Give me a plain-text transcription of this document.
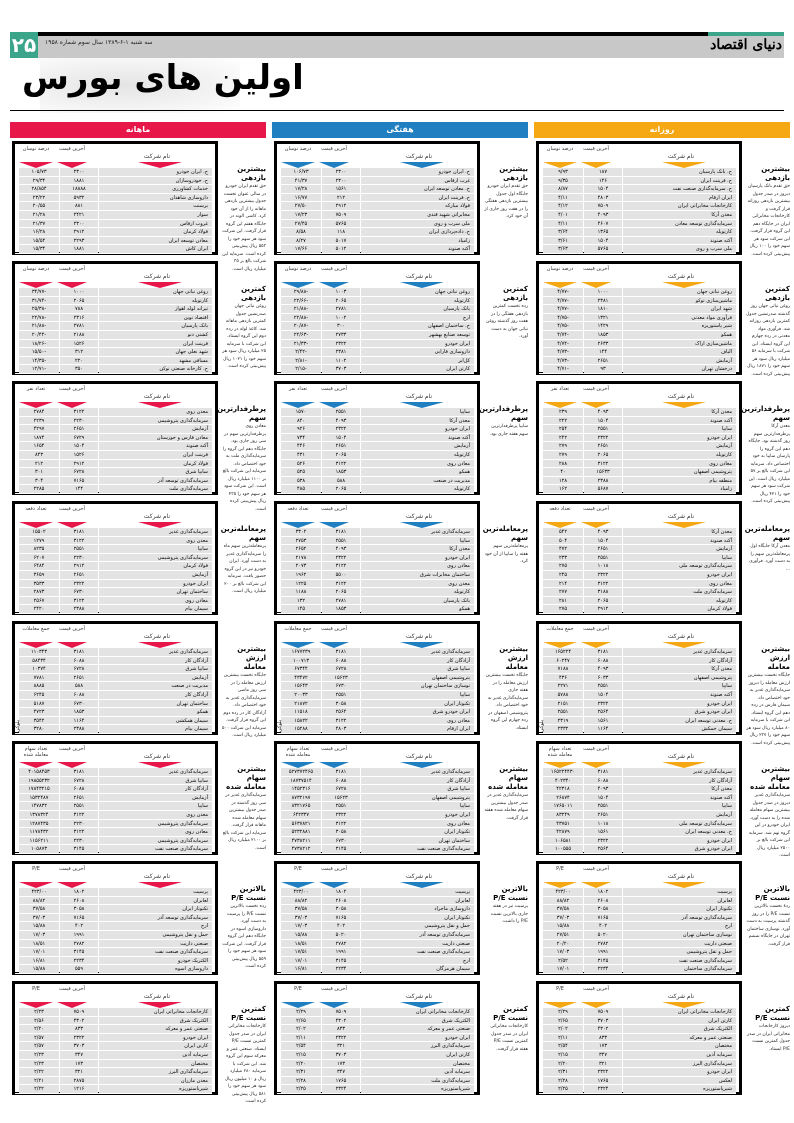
۲۵ سه شنبه ۱-۶-۱۳۸۹ سال سوم شماره ۱۹۵۸	دنیای اقتصاد
اولین های بورس
روزانه
نام شرکت
آخرین قیمت
درصد نوسان
ح. بانک پارسیان
۱۸۷
۹/۹۳
ح. فرینت ایران
۱۴۶
۹/۳۵
ح. سرمایه‌گذاری صنعت نفت
۱۵۰۴
۸/۸۷
ایران ارقام
۴۸۰۳
۴/۱۱
کارخانجات مخابراتی ایران
۷۵۰۹
۴/۱۲
معدن آرکا
۴۰۹۳
۴/۰۱
سرمایه‌گذاری توسعه معادن
۴۶۰۷
۴/۱۱
کارتوپله
۱۳۶۵
۳/۶۴
آکنه صنوند
۱۵۰۴
۳/۶۱
ملی سرب و روی
۵۷۶۵
۳/۶۳
بیشترین بازدهی
حق تقدم بانک پارسیان دیروز در صدر جدول بیشترین بازدهی روزانه قرار گرفت و کارخانجات مخابراتی ایران در جایگاه دهم این گروه قرار گرفت. این سرکت سود هر سهم خود را ۱۰۰ ریال پیش‌بینی کرده است.
نام شرکت
آخرین قیمت
درصد نوسان
روغن نباتی جهان
۱۰۰۰
-۴/۷۷
ماشین‌سازی توکو
۲۳۸۱
-۴/۷۷
شهد ایران
۱۸۱۰
-۴/۷۷
فرآوری مواد معدنی
۱۳۲۱
-۴/۷۵
شیر پاستوریزه
۱۴۲۹
-۴/۷۵
همکو
۱۸۵۳
-۴/۷۴
ماشین‌سازی اراک
۲۶۳۳
-۴/۷۴
الیاف
۱۴۴
-۴/۷۳
آزمایش
۲۶۵۱
-۴/۷۳
درخشان تهران
۹۳
-۴/۷۱
کمترین بازدهی
روغن نباتی جهان روز گذشته صدرنشین جدول کمترین بازدهی روزانه شد. فرآوری مواد معدنی در رده چهارم این گروه ایستاد. این شرکت با سرمایه ۵۶ میلیارد ریال سود هر سهم خود را ۱۸۷۱ ریال پیش‌بینی کرده است.
نام شرکت
آخرین قیمت
تعداد نفر
معدن آرکا
۴۰۹۳
۲۳۹
آکنه صنوند
۱۵۰۴
۲۲۲
سایپا
۲۵۵۱
۲۵۴
ایران خودرو
۲۳۲۲
۲۴۲
آزمایش
۲۶۵۱
۲۷۹
کارتوپله
۲۰۶۵
۲۷۹
معادن روی
۳۱۲۲
۲۸۸
پتروشیمی اصفهان
۱۵۶۳۳
۴۰
منطقه بیام
۲۳۸۸
۱۲۸
زامیاد
۵۶۸۷
۱۶۲
پرطرفدارترین سهم
معدن آرکا پرطرفدارترین سهم روز گذشته بود. جایگاه دهم این گروه را پارسان سایپا به خود اختصاص داد. سرمایه این شرکت بالغ بر ۵۷ میلیارد ریال است. این شرکت سود هر سهم خود را ۴۲۱ ریال پیش‌بینی کرده است.
نام شرکت
آخرین قیمت
تعداد دفعه
معدن آرکا
۴۰۹۳
۵۴۲
آکنه صنوند
۱۵۰۴
۵۰۴
آزمایش
۲۶۵۱
۴۷۲
سایپا
۲۵۵۱
۲۳۳
سرمایه‌گذاری توسعه ملی
۱۰۱۸
۲۷۵
ایران خودرو
۲۳۲۲
۲۴۵
معادن روی
۳۱۲۲
۲۱۴
سرمایه‌گذاری ملت
۳۱۸۸
۲۷۷
کارتوپله
۲۰۶۵
۲۸۱
فولاد کرمان
۲۹۱۲
۲۷۵
پرمعامله‌ترین سهم
معدن آرکا جایگاه اول پرمعامله‌ترین سهم را به دست آورد. فرآوری ...
نام شرکت
آخرین قیمت
جمع معاملات
سرمایه‌گذاری غدیر
۳۱۸۱
۱۶۵۲۲۴
آزادگان کار
۶۰۸۸
۶۰۲۴۷
معدن آرکا
۴۰۹۳
۷۱۸۸
پتروشیمی اصفهان
۶۰۳۳
۴۳۶
سایپا
۲۵۵۱
۲۲۷۱
آکنه صنوند
۱۵۰۴
۵۷۸۸
ایران خودرو
۲۳۲۲
۲۱۵۱
ایران خودرو شرق
۲۵۶۴
۲۵۵۱
ح. معدنی توسعه ایران
۱۵۶۱
۲۳۱۹
سیمان خمکش
۱۱۶۴
۲۳۳۲
بلوکی
بیشترین ارزش معامله
جایگاه نخست بیشترین ارزش معامله را دیروز سرمایه‌گذاری غدیر به خود اختصاص داد. سیمان فارس در رده دهم این گروه ایستاد. این شرکت با سرمایه ۸۰ میلیارد ریال سود هر سهم خود را ۲۳۷ ریال پیش‌بینی کرده است.
نام شرکت
آخرین قیمت
تعداد سهام معامله شده
سرمایه‌گذاری غدیر
۳۱۸۱
۱۶۵۲۲۴۴۳۰
آزادگان کار
۶۰۸۸
۴۰۲۳۴۰
معدن آرکا
۴۰۹۳
۴۲۳۱۸
آکنه صنوند
۱۵۰۴
۲۶۸۷۴
سایپا
۲۵۵۱
۱۷۶۵۰۱۱
آزمایش
۲۶۵۱
۸۳۲۴۹
سرمایه‌گذاری توسعه ملی
۱۰۱۸
۴۳۷۵۱
ح. معدنی توسعه ایران
۱۵۶۱
۴۲۸۷۹
ایران خودرو
۲۳۲۲
۱۰۶۵۸۱
ایران خودرو شرق
۲۵۶۴
۱۰۰۵۵۵
بیشترین سهام معامله شده
سرمایه‌گذاری غدیر دیروز در صدر جدول بیشترین سهام معامله شده را به دست آورد. ایران خودرو در این گروه نهم شد. سرمایه این شرکت بالغ بر ۲۵۰۰ میلیارد ریال است.
نام شرکت
آخرین قیمت
P/E
پرسیت
۱۸۰۲
۴۲۳/۰۰
لعابران
۲۶۰۸
۸۸/۸۲
تکنوتار ایران
۳۰۵۸
۳۷/۵۸
سرمایه‌گذاری توسعه آذر
۷۱۶۵
۳۷/۰۳
ارج
۴۰۲
۱۵/۸۸
نوسازی ساختمان تهران
۵۰۲۰
۲۷/۵۱
صنعتی داریت
۲۷۸۲
۲۰/۲۰
حمل و نقل پتروشیمی
۱۹۹۱
۱۷/۰۳
سرمایه‌گذاری صنعت نفت
۳۱۴۵
۲/۵۲
سرمایه‌گذاری ساختمان
۲۲۳۴
۱۷/۰۱
بالاترین نسبت P/E
ردهٔ نخست بالاترین نسبت P/E را در روز گذشته پرسیت به دست آورد. نوسازی ساختمان تهران در جایگاه ششم قرار گرفت.
نام شرکت
آخرین قیمت
P/E
کارخانجات مخابراتی ایران
۷۵۰۹
۲/۲۹
کارتن ایران
۳۷۰۳
۲/۶۵
الکتریک شرق
۴۳۰۲
۲/۰۲
صنعتی عمر و معرکه
۸۳۳
۲/۱۱
مختصان
۱۷۳
۲/۵۴
سرمایه آذین
۳۴۷
۲/۱۵
سرمایه‌گذاری البرز
۳۲۱
۲/۲۰
ایران خودرو
۲۳۲۲
۲/۳۱
لعکس
۱۷۶۵
۲/۲۸
شیرپاستوریزه
۲۳۲۴
۲/۲۵
کمترین نسبت P/E
دیروز کارخانجات مخابراتی ایران در صدر جدول کمترین نسبت P/E ایستاد.
هفتگی
نام شرکت
آخرین قیمت
درصد نوسان
ح. ایران خودرو
۲۳۰۰
۱۰۶/۷۳
غرب ارفاس
۲۳۰۰
۴۱/۳۷
ح. معادن توسعه ایران
۱۵۶۱
۱۷/۲۸
ح. فرینت ایران
۲۱۲
۱۶/۷۷
فولاد مبارکه
۲۹۱۲
۲۷/۵۰
مخابراتی شهید قندی
۷۵۰۹
۱۷/۲۳
ملی سرب و روی
۵۷۶۵
۲۷/۴۵
ح. داده‌پردازی ایران
۱۱۸
۸/۵۸
زامیاد
۵۰۱۷
۸/۲۷
آکنه صنوند
۵۰۱۲
۱۷/۶۶
بیشترین بازدهی
حق تقدم ایران خودرو جایگاه اول جدول بیشترین بازدهی هفتگی را در هفت روز جاری از آن خود کرد.
نام شرکت
آخرین قیمت
درصد نوسان
روغن نباتی جهان
۱۰۰۳
-۲۹/۸۸
کارتوپله
۲۰۶۵
-۲۲/۶۶
بانک پارسیان
۲۷۸۱
-۲۱/۸۸
ارج
۱۰۰۲
-۲۲/۸۸
ح. ساختمان اصفهان
۳۰۰
-۲۰/۸۷
توسعه صنایع بهشهر
۲۷۳۳
-۲۲/۶۳
ایران خودرو
۲۳۲۲
-۲۱/۳۳
داروسازی فارابی
۲۳۸۱
-۲/۴۲
کل‌ابر
۱۱۰۲
-۲/۸۱
کارتن ایران
۳۷۰۳
-۲/۱۵
کمترین بازدهی
رده نخست کمترین بازدهی هفتگی را در هفت روز گذشته روغن نباتی جهان به دست آورد.
نام شرکت
آخرین قیمت
تعداد نفر
سایپا
۲۵۵۱
۱۵۷۰
معدن آرکا
۴۰۹۳
۸۴۰
ایران خودرو
۲۳۲۲
۹۲۶
آکنه صنوند
۱۵۰۴
۷۳۴
آزمایش
۲۶۵۱
۴۴۶
کارتوپله
۲۰۶۵
۴۳۱
معادن روی
۳۱۲۲
۵۲۶
همکو
۱۸۵۳
۵۲۵
مدیریت در صنعت
۵۸۸
۵۳۸
کارتوپله
۲۰۶۵
۴۸۵
پرطرفدارترین سهم
سایپا پرطرفدارترین سهم هفته جاری بود.
نام شرکت
آخرین قیمت
تعداد دفعه
سرمایه‌گذاری غدیر
۳۱۸۱
۳۳۰۲
سایپا
۲۵۵۱
۲۷۵۳
معدن آرکا
۴۰۹۳
۲۶۵۲
ایران خودرو
۲۳۲۲
۲۱۷۸
معادن روی
۳۱۲۲
۲۰۷۳
ساختمان مخابرات شرق
۵۵۰۰
۱۹۶۲
معدن روی
۳۱۲۲
۱۲۲۵
کارتوپله
۲۰۶۵
۱۱۸۸
بانک پارسیان
۲۷۸۱
۱۳۲
همکو
۱۸۵۳
۱۴۵
پرمعامله‌ترین سهم
پرمعامله‌ترین سهم هفته را سایپا از آن خود کرد.
نام شرکت
آخرین قیمت
جمع معاملات
سرمایه‌گذاری غدیر
۳۱۸۱
۱۶۷۷۲۳۹
آزادگان کار
۶۰۸۸
۱۰۰۷۱۳
سایپا شرق
۶۷۲۸
۶۷۳۴۴
پتروشیمی اصفهان
۱۵۶۲۳
۴۳۴۷۲
نوسازی ساختمان تهران
۶۷۳۰
۱۵۶۴۳
سایپا
۲۵۵۱
۲۰۰۳۳
تکنوتار ایران
۳۰۵۸
۲۱۸۷۲
ایران خودرو شرق
۲۵۶۴
۱۱۵۱۸
معادن روی
۳۱۲۲
۱۵۸۲۲
ایران ارقام
۴۸۰۳
۱۵۲۸۸
بلوکی
بیشترین ارزش معامله
جایگاه نخست بیشترین ارزش معامله را در هفته جاری سرمایه‌گذاری غدیر به خود اختصاص داد. پتروشیمی اصفهان در رده چهارم این گروه ایستاد.
نام شرکت
آخرین قیمت
تعداد سهام معامله شده
سرمایه‌گذاری غدیر
۳۱۸۱
۵۲۷۳۷۲۴۶۵
آزادگان کار
۶۰۸۸
۱۸۷۳۷۵۱۴
سایپا شرق
۶۷۲۸
۱۴۵۲۳۱۶
پتروشیمی اصفهان
۱۵۶۲۳
۸۷۳۲۱۹۷
سایپا
۲۵۵۱
۸۳۲۱۷۶۵
ایران خودرو
۲۳۲۲
۶۴۲۳۳۷
معادن روی
۳۱۲۲
۵۶۳۷۸۲۱
تکنوتار ایران
۳۰۵۸
۵۲۳۲۸۸۱
ساختمان تهران
۶۷۳۰
۴۷۳۸۲۱۱
سرمایه‌گذاری صنعت نفت
۳۱۴۵
۴۷۳۸۲۱۲
بیشترین سهام معامله شده
سرمایه‌گذاری غدیر در صدر جدول بیشترین سهام معامله شده هفته قرار گرفت.
نام شرکت
آخرین قیمت
P/E
پرسیت
۱۸۰۲
۴۲۳/۰۰
لعابران
۲۶۰۸
۸۸/۸۲
داروسازی ماجراد
۳۰۵۸
۳۷/۵۸
تکنوتار ایران
۷۱۶۵
۳۷/۰۳
حمل و نقل پتروشیمی
۴۰۲
۱۷/۰۳
سرمایه‌گذاری توسعه آذر
۵۰۲۰
۱۵/۸۸
صنعتی داریت
۲۷۸۲
۱۸/۵۱
سرمایه‌گذاری صنعت نفت
۱۹۹۱
۱۷/۵۱
ارج
۳۱۴۵
۱۷/۰۱
سیمان هرمزگان
۲۲۳۴
۱۶/۸۱
بالاترین نسبت P/E
پرسیت نیز در هفته جاری بالاترین نسبت P/E را داشت.
نام شرکت
آخرین قیمت
P/E
کارخانجات مخابراتی ایران
۷۵۰۹
۲/۲۹
الکتریک شرق
۴۳۰۲
۲/۶۵
صنعتی عمر و معرکه
۸۳۳
۲/۰۲
ایران خودرو
۲۳۲۲
۲/۱۱
سرمایه‌گذاری البرز
۳۲۱
۲/۵۴
کارتن ایران
۳۷۰۳
۲/۱۵
مختصان
۱۷۳
۲/۲۰
سرمایه آذین
۳۴۷
۲/۳۱
سرمایه‌گذاری ملت
۱۷۶۵
۲/۲۸
شیرپاستوریزه
۲۳۲۴
۲/۲۵
کمترین نسبت P/E
کارخانجات مخابراتی ایران در صدر جدول کمترین نسبت P/E هفته قرار گرفت.
ماهانه
نام شرکت
آخرین قیمت
درصد نوسان
ح. ایران خودرو
۲۳۰۰
۱۰۵/۷۳
ح. خودروسازان
۱۸۸۱
۲۹/۳۴
خدمات کشاورزی
۱۸۸۸۸
۲۸/۸۵۴
داروسازی شاهدان
۵۹۳۲
۲۳/۲۲
برسنت
۸۸۱
۲۰/۵۵
سوار
۲۴۲۱
۲۱/۲۸
غروب ارفاس
۲۳۰۰
۲۱/۳۷
فولاد کرمان
۲۹۱۲
۱۶/۲۸
معادن توسعه ایران
۲۲۹۳
۱۵/۵۴
ایران کاش
۱۸۸۱
۱۵/۳۴
بیشترین بازدهی
حق تقدم ایران خودرو در سالی عنوان نخست جدول بیشترین بازدهی ماهانه را از آن خود کرد. کاشی الوند در جایگاه هفتم این گروه قرار گرفت. این شرکت سود هر سهم خود را ۵۵۳ ریال پیش‌بینی کرده است. سرمایه این شرکت بالغ بر ۳۵ میلیارد ریال است.
نام شرکت
آخرین قیمت
درصد نوسان
روغن نباتی جهان
۱۰۰۰
-۳۴/۷۷
کارتوپله
۲۰۶۵
-۳۱/۷۴
تیرانه لوله اهواز
۷۸۸
-۲۵/۳۸
اقتصاد نوین
۲۳۱۶
-۲۲/۷۸
بانک پارسیان
۲۷۸۱
-۲۱/۸۸
کشتی دنو
۲۱۸۸
-۲۰/۴۴
فرینت ایران
۱۵۲۶
-۱۸/۲۶
شهد نعلی جهان
۳۱۲
-۱۵/۵۰
مسافی مشهد
۲۲۰
-۱۴/۳۵
ح. کارخانه صنعتی نوکن
۳۵۰
-۱۲/۷۱
کمترین بازدهی
روغن نباتی جهان صدرنشین جدول کمترین بازدهی ماهانه شد. کاغذ لوله در رده دوم این گروه ایستاد. این شرکت با سرمایه ۲۵ میلیارد ریال سود هر سهم خود را ۱۰۲۱ ریال پیش‌بینی کرده است.
نام شرکت
آخرین قیمت
تعداد نفر
معدن روی
۳۱۲۲
۲۷۸۴
سرمایه‌گذاری پتروشیمی
۲۲۳۰
۲۲۳۹
آزمایش
۲۶۵۱
۴۲۹۷
معادن فارس و خوزستان
۶۷۲۹
۱۸۷۴
آکنه صنوند
۱۵۰۴
۱۶۵۴
فرینت ایران
۱۵۲۶
۸۴۳
فولاد کرمان
۲۹۱۲
۲۱۲
سایپا شرق
۶۷۲۸
۳۰۱
سرمایه‌گذاری توسعه آذر
۷۱۶۵
۳۰۴
سرمایه‌گذاری ملت
۱۴۴
۲۲۸۵
پرطرفدارترین سهم
معادن روی پرطرفدارترین سهم در سی روز جاری بود. جایگاه دهم این گروه را سرمایه‌گذاری ملت به خود اختصاص داد. سرمایه این شرکت بالغ بر ۱۱۰۰ میلیارد ریال است. این شرکت سود هر سهم خود را ۴۳۵ ریال پیش‌بینی کرده است.
نام شرکت
آخرین قیمت
تعداد دفعه
سرمایه‌گذاری غدیر
۳۱۸۱
۱۵۵۰۲
معدن روی
۳۱۲۲
۱۲۷۹
سایپا
۲۵۵۱
۸۲۳۵
سرمایه‌گذاری پتروشیمی
۲۲۳۰
۶۲۰۷
فولاد کرمان
۲۹۱۲
۶۴۸۴
آزمایش
۲۶۵۱
۳۶۵۹
ایران خودرو
۲۳۲۲
۳۵۳۳
ساختمان تهران
۶۷۳۰
۲۸۷۳
معادن روی
۳۱۲۲
۲۵۶۷
سیمان بیام
۲۳۸۸
۲۴۲۰
پرمعامله‌ترین سهم
پرمعامله‌ترین سهم ماه را سرمایه‌گذاری غدیر به دست آورد. ایران خودرو نیز در این گروه حضور یافت. سرمایه این شرکت بالغ بر ۲۰۰ میلیارد ریال است.
نام شرکت
آخرین قیمت
جمع معاملات
سرمایه‌گذاری غدیر
۳۱۸۱
۱۱۰۳۴۳
آزادگان کار
۶۰۸۸
۵۸۴۳۴
سایپا شرق
۶۷۲۸
۱۰۳۷۴
آزمایش
۲۶۵۱
۷۷۸۱
مدیریت در صنعت
۵۸۸
۸۸۸۵
آزادگان کار
۶۰۸۸
۶۲۴۵
ساختمان تهران
۶۷۳۰
۵۱۸۷
همکو
۱۸۵۳
۴۷۲۳
سیمان همکشی
۱۱۶۴
۳۵۴۲
سیمان بیام
۲۳۸۸
۳۲۸۰
بلوکی
بیشترین ارزش معامله
جایگاه نخست بیشترین ارزش معامله را در سی روز ماضی سرمایه‌گذاری غدیر به خود اختصاص داد. آزادگان کار در رده دوم این گروه قرار گرفت. سرمایه این شرکت ۵۰۰ میلیارد ریال است.
نام شرکت
آخرین قیمت
تعداد سهام معامله شده
سرمایه‌گذاری غدیر
۳۱۸۱
۴۰۱۵۸۴۵۳
سایپا شرق
۶۷۲۸
۱۹۸۵۵۲۳۲
آزادگان کار
۶۰۸۸
۱۷۸۴۳۲۱۵
آزمایش
۲۶۵۱
۱۵۳۲۴۸۷
سایپا
۲۵۵۱
۱۴۷۸۳۲
معدن روی
۳۱۲۲
۱۳۷۸۳۲۴
سرمایه‌گذاری پتروشیمی
۲۲۳۰
۱۲۸۷۴۳۵
معادن روی
۳۱۲۲
۱۱۷۸۴۳۲
سرمایه‌گذاری پتروشیمی
۲۲۳۰
۱۱۵۶۲۱۱
سرمایه‌گذاری صنعت نفت
۳۱۴۵
۱۰۵۸۷۳
بیشترین سهام معامله شده
سرمایه‌گذاری غدیر در سی روز گذشته در صدر جدول بیشترین سهام معامله شده ماهانه قرار گرفت. سرمایه این شرکت بالغ بر ۲۱۰۰ میلیارد ریال است.
نام شرکت
آخرین قیمت
P/E
پرسیت
۱۸۰۲
۴۲۳/۰۰
لعابران
۲۶۰۸
۸۸/۸۲
تکنوتار ایران
۳۰۵۸
۳۷/۵۸
سرمایه‌گذاری توسعه آذر
۷۱۶۵
۳۷/۰۳
ارج
۴۰۲
۱۵/۸۸
حمل و نقل پتروشیمی
۱۹۹۱
۱۷/۰۳
صنعتی داریت
۲۷۸۲
۱۸/۵۱
سرمایه‌گذاری صنعت نفت
۳۱۴۵
۱۷/۰۱
الکتریک خودرو
۲۲۳۴
۱۶/۸۱
داروسازی اسوه
۵۵۹
۱۵/۸۸
بالاترین نسبت P/E
رده نخست بالاترین نسبت P/E را پرسیت به دست آورد. داروسازی اسوه در جایگاه دهم این گروه قرار گرفت. این شرکت سود هر سهم خود را ۵۵۹ ریال پیش‌بینی کرده است.
نام شرکت
آخرین قیمت
P/E
کارخانجات مخابراتی ایران
۷۵۰۹
۲/۲۳
الکتریک شرق
۴۳۰۲
۲/۵۶
صنعتی عمر و معرکه
۸۳۳
۲/۲۰
ایران خودرو
۲۳۲۲
۲/۵۷
کارتن ایران
۳۷۰۳
۲/۵۷
سرمایه آذین
۳۴۷
۲/۲۳
مختصان
۱۷۳
۲/۲۳
سرمایه‌گذاری البرز
۳۲۱
۲/۲۲
معدن مازران
۲۸۷۵
۲/۲۱
شیرپاستوریزه
۱۲۱۶
۲/۲۲
کمترین نسبت P/E
کارخانجات مخابراتی ایران در صدر جدول کمترین نسبت P/E ایستاد. صنعتی عمر و معرکه سوم این گروه شد. این شرکت با سرمایه ۲۸۰ میلیارد ریال و ۱۰ میلیون ریال سود هر سهم خود را ۵۸۱ ریال پیش‌بینی کرده است.
